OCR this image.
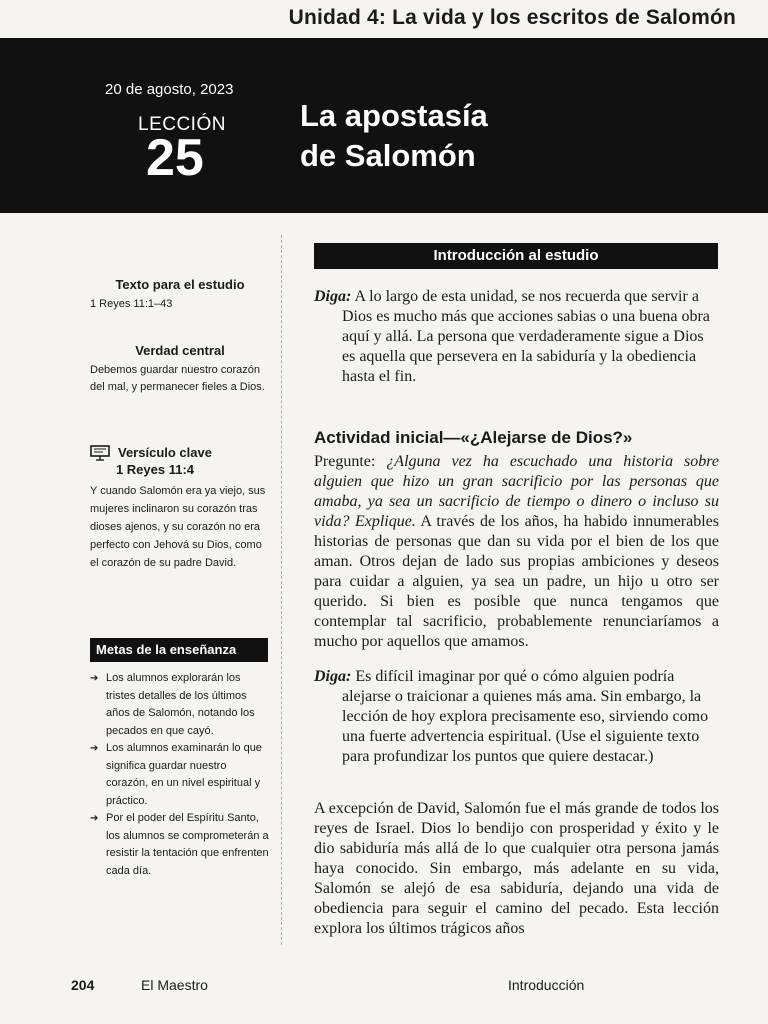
Unidad 4: La vida y los escritos de Salomón
20 de agosto, 2023
LECCIÓN
25
La apostasía
de Salomón
Texto para el estudio

1 Reyes 11:1–43

Verdad central

Debemos guardar nuestro corazón del mal, y permanecer fieles a Dios.

Versículo clave
1 Reyes 11:4

Y cuando Salomón era ya viejo, sus mujeres inclinaron su corazón tras dioses ajenos, y su corazón no era perfecto con Jehová su Dios, como el corazón de su padre David.

Metas de la enseñanza
➔ Los alumnos explorarán los tristes detalles de los últimos años de Salomón, notando los pecados en que cayó.
➔ Los alumnos examinarán lo que significa guardar nuestro corazón, en un nivel espiritual y práctico.
➔ Por el poder del Espíritu Santo, los alumnos se comprometerán a resistir la tentación que enfrenten cada día.
Introducción al estudio

Diga: A lo largo de esta unidad, se nos recuerda que servir a Dios es mucho más que acciones sabias o una buena obra aquí y allá. La persona que verdaderamente sigue a Dios es aquella que persevera en la sabiduría y la obediencia hasta el fin.

Actividad inicial—«¿Alejarse de Dios?»
Pregunte: ¿Alguna vez ha escuchado una historia sobre alguien que hizo un gran sacrificio por las personas que amaba, ya sea un sacrificio de tiempo o dinero o incluso su vida? Explique. A través de los años, ha habido innumerables historias de personas que dan su vida por el bien de los que aman. Otros dejan de lado sus propias ambiciones y deseos para cuidar a alguien, ya sea un padre, un hijo u otro ser querido. Si bien es posible que nunca tengamos que contemplar tal sacrificio, probablemente renunciaríamos a mucho por aquellos que amamos.

Diga: Es difícil imaginar por qué o cómo alguien podría alejarse o traicionar a quienes más ama. Sin embargo, la lección de hoy explora precisamente eso, sirviendo como una fuerte advertencia espiritual. (Use el siguiente texto para profundizar los puntos que quiere destacar.)

A excepción de David, Salomón fue el más grande de todos los reyes de Israel. Dios lo bendijo con prosperidad y éxito y le dio sabiduría más allá de lo que cualquier otra persona jamás haya conocido. Sin embargo, más adelante en su vida, Salomón se alejó de esa sabiduría, dejando una vida de obediencia para seguir el camino del pecado. Esta lección explora los últimos trágicos años
204	El Maestro	Introducción
